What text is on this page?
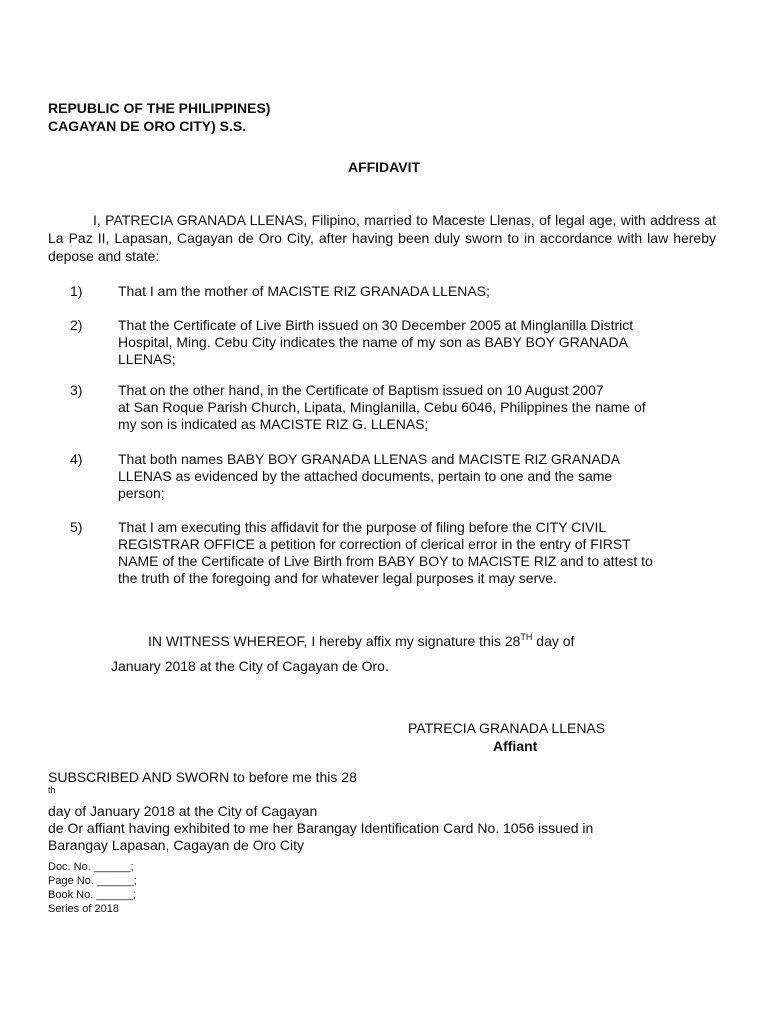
REPUBLIC OF THE PHILIPPINES)
CAGAYAN DE ORO CITY) S.S.
AFFIDAVIT

I, PATRECIA GRANADA LLENAS, Filipino, married to Maceste Llenas, of legal age, with address at La Paz II, Lapasan, Cagayan de Oro City, after having been duly sworn to in accordance with law hereby depose and state:

1)	That I am the mother of MACISTE RIZ GRANADA LLENAS;
2)	That the Certificate of Live Birth issued on 30 December 2005 at Minglanilla District
Hospital, Ming. Cebu City indicates the name of my son as BABY BOY GRANADA
LLENAS;
3)	That on the other hand, in the Certificate of Baptism issued on 10 August 2007
at San Roque Parish Church, Lipata, Minglanilla, Cebu 6046, Philippines the name of
my son is indicated as MACISTE RIZ G. LLENAS;
4)	That both names BABY BOY GRANADA LLENAS and MACISTE RIZ GRANADA
LLENAS as evidenced by the attached documents, pertain to one and the same
person;
5)	That I am executing this affidavit for the purpose of filing before the CITY CIVIL
REGISTRAR OFFICE a petition for correction of clerical error in the entry of FIRST
NAME of the Certificate of Live Birth from BABY BOY to MACISTE RIZ and to attest to
the truth of the foregoing and for whatever legal purposes it may serve.
IN WITNESS WHEREOF, I hereby affix my signature this 28TH day of
January 2018 at the City of Cagayan de Oro.
PATRECIA GRANADA LLENAS
Affiant
SUBSCRIBED AND SWORN to before me this 28
$^{th}$
day of January 2018 at the City of Cagayan
de Or affiant having exhibited to me her Barangay Identification Card No. 1056 issued in
Barangay Lapasan, Cagayan de Oro City
Doc. No. ______;
Page No. ______;
Book No. ______;
Series of 2018
